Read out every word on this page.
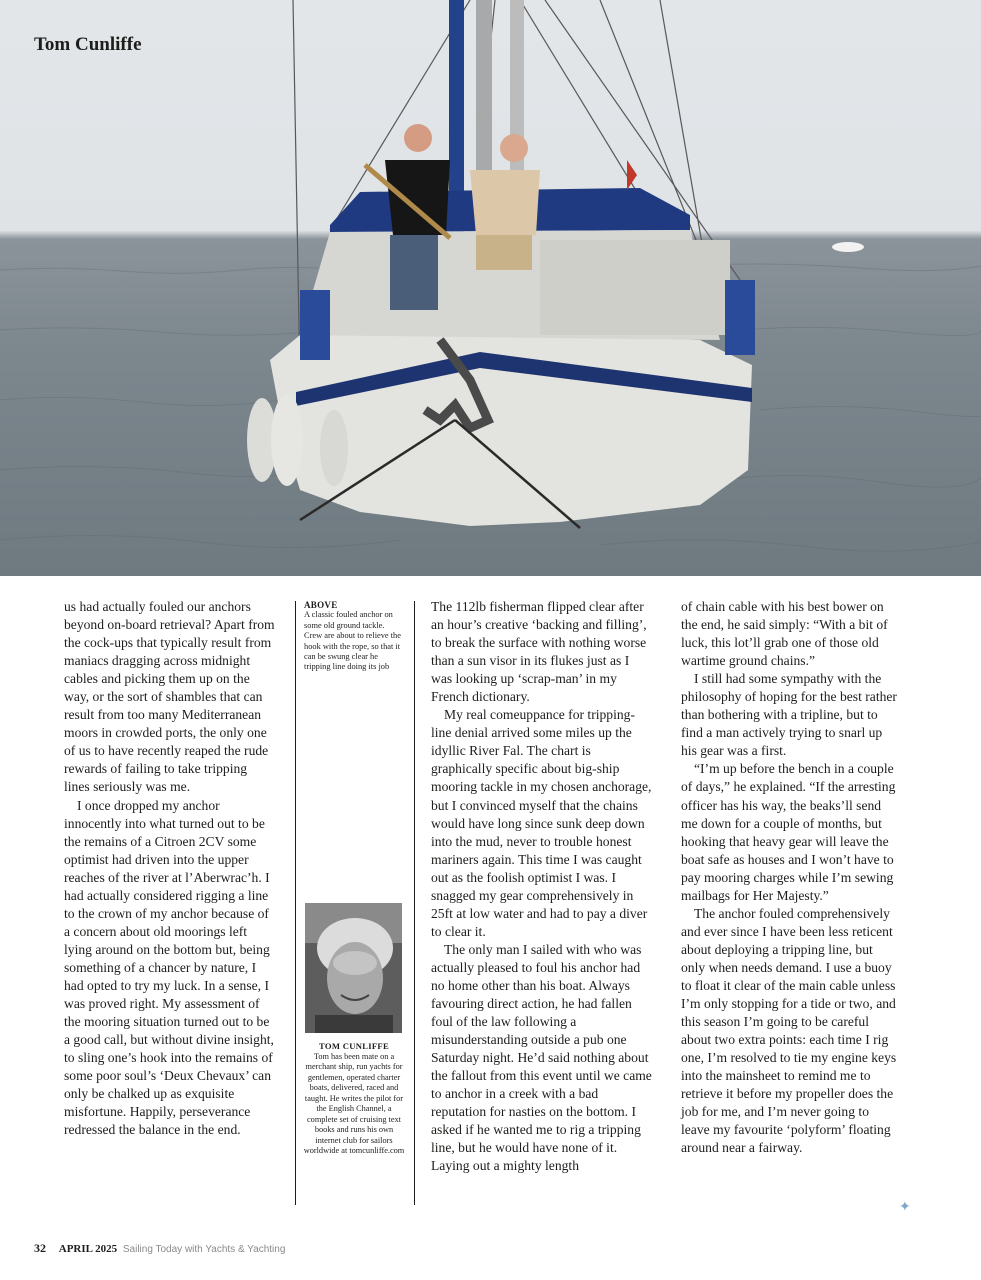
Tom Cunliffe

us had actually fouled our anchors beyond on-board retrieval? Apart from the cock-ups that typically result from maniacs dragging across midnight cables and picking them up on the way, or the sort of shambles that can result from too many Mediterranean moors in crowded ports, the only one of us to have recently reaped the rude rewards of failing to take tripping lines seriously was me.

I once dropped my anchor innocently into what turned out to be the remains of a Citroen 2CV some optimist had driven into the upper reaches of the river at l’Aberwrac’h. I had actually considered rigging a line to the crown of my anchor because of a concern about old moorings left lying around on the bottom but, being something of a chancer by nature, I had opted to try my luck. In a sense, I was proved right. My assessment of the mooring situation turned out to be a good call, but without divine insight, to sling one’s hook into the remains of some poor soul’s ‘Deux Chevaux’ can only be chalked up as exquisite misfortune. Happily, perseverance redressed the balance in the end.

ABOVE
A classic fouled anchor on some old ground tackle. Crew are about to relieve the hook with the rope, so that it can be swung clear he tripping line doing its job
TOM CUNLIFFE
Tom has been mate on a merchant ship, run yachts for gentlemen, operated charter boats, delivered, raced and taught. He writes the pilot for the English Channel, a complete set of cruising text books and runs his own internet club for sailors worldwide at tomcunliffe.com

The 112lb fisherman flipped clear after an hour’s creative ‘backing and filling’, to break the surface with nothing worse than a sun visor in its flukes just as I was looking up ‘scrap-man’ in my French dictionary.

My real comeuppance for tripping-line denial arrived some miles up the idyllic River Fal. The chart is graphically specific about big-ship mooring tackle in my chosen anchorage, but I convinced myself that the chains would have long since sunk deep down into the mud, never to trouble honest mariners again. This time I was caught out as the foolish optimist I was. I snagged my gear comprehensively in 25ft at low water and had to pay a diver to clear it.

The only man I sailed with who was actually pleased to foul his anchor had no home other than his boat. Always favouring direct action, he had fallen foul of the law following a misunderstanding outside a pub one Saturday night. He’d said nothing about the fallout from this event until we came to anchor in a creek with a bad reputation for nasties on the bottom. I asked if he wanted me to rig a tripping line, but he would have none of it. Laying out a mighty length

of chain cable with his best bower on the end, he said simply: “With a bit of luck, this lot’ll grab one of those old wartime ground chains.”

I still had some sympathy with the philosophy of hoping for the best rather than bothering with a tripline, but to find a man actively trying to snarl up his gear was a first.

“I’m up before the bench in a couple of days,” he explained. “If the arresting officer has his way, the beaks’ll send me down for a couple of months, but hooking that heavy gear will leave the boat safe as houses and I won’t have to pay mooring charges while I’m sewing mailbags for Her Majesty.”

The anchor fouled comprehensively and ever since I have been less reticent about deploying a tripping line, but only when needs demand. I use a buoy to float it clear of the main cable unless I’m only stopping for a tide or two, and this season I’m going to be careful about two extra points: each time I rig one, I’m resolved to tie my engine keys into the mainsheet to remind me to retrieve it before my propeller does the job for me, and I’m never going to leave my favourite ‘polyform’ floating around near a fairway.

✦
32 APRIL 2025 Sailing Today with Yachts & Yachting
